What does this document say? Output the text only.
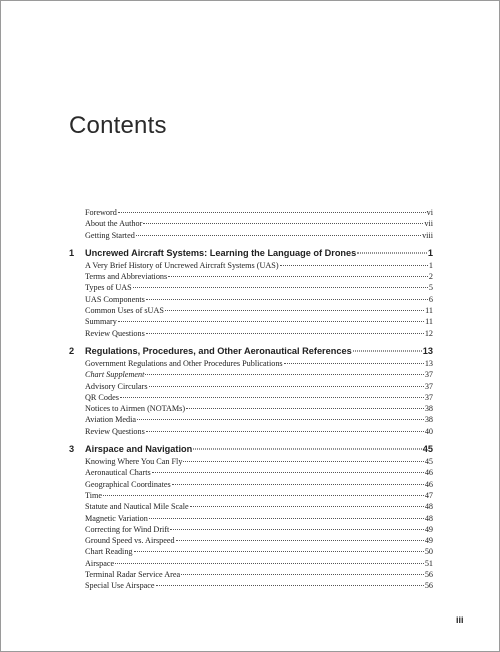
Contents
Foreword	vi
About the Author	vii
Getting Started	viii
1	Uncrewed Aircraft Systems: Learning the Language of Drones	1
A Very Brief History of Uncrewed Aircraft Systems (UAS)	1
Terms and Abbreviations	2
Types of UAS	5
UAS Components	6
Common Uses of sUAS	11
Summary	11
Review Questions	12
2	Regulations, Procedures, and Other Aeronautical References	13
Government Regulations and Other Procedures Publications	13
Chart Supplement	37
Advisory Circulars	37
QR Codes	37
Notices to Airmen (NOTAMs)	38
Aviation Media	38
Review Questions	40
3	Airspace and Navigation	45
Knowing Where You Can Fly	45
Aeronautical Charts	46
Geographical Coordinates	46
Time	47
Statute and Nautical Mile Scale	48
Magnetic Variation	48
Correcting for Wind Drift	49
Ground Speed vs. Airspeed	49
Chart Reading	50
Airspace	51
Terminal Radar Service Area	56
Special Use Airspace	56
iii
